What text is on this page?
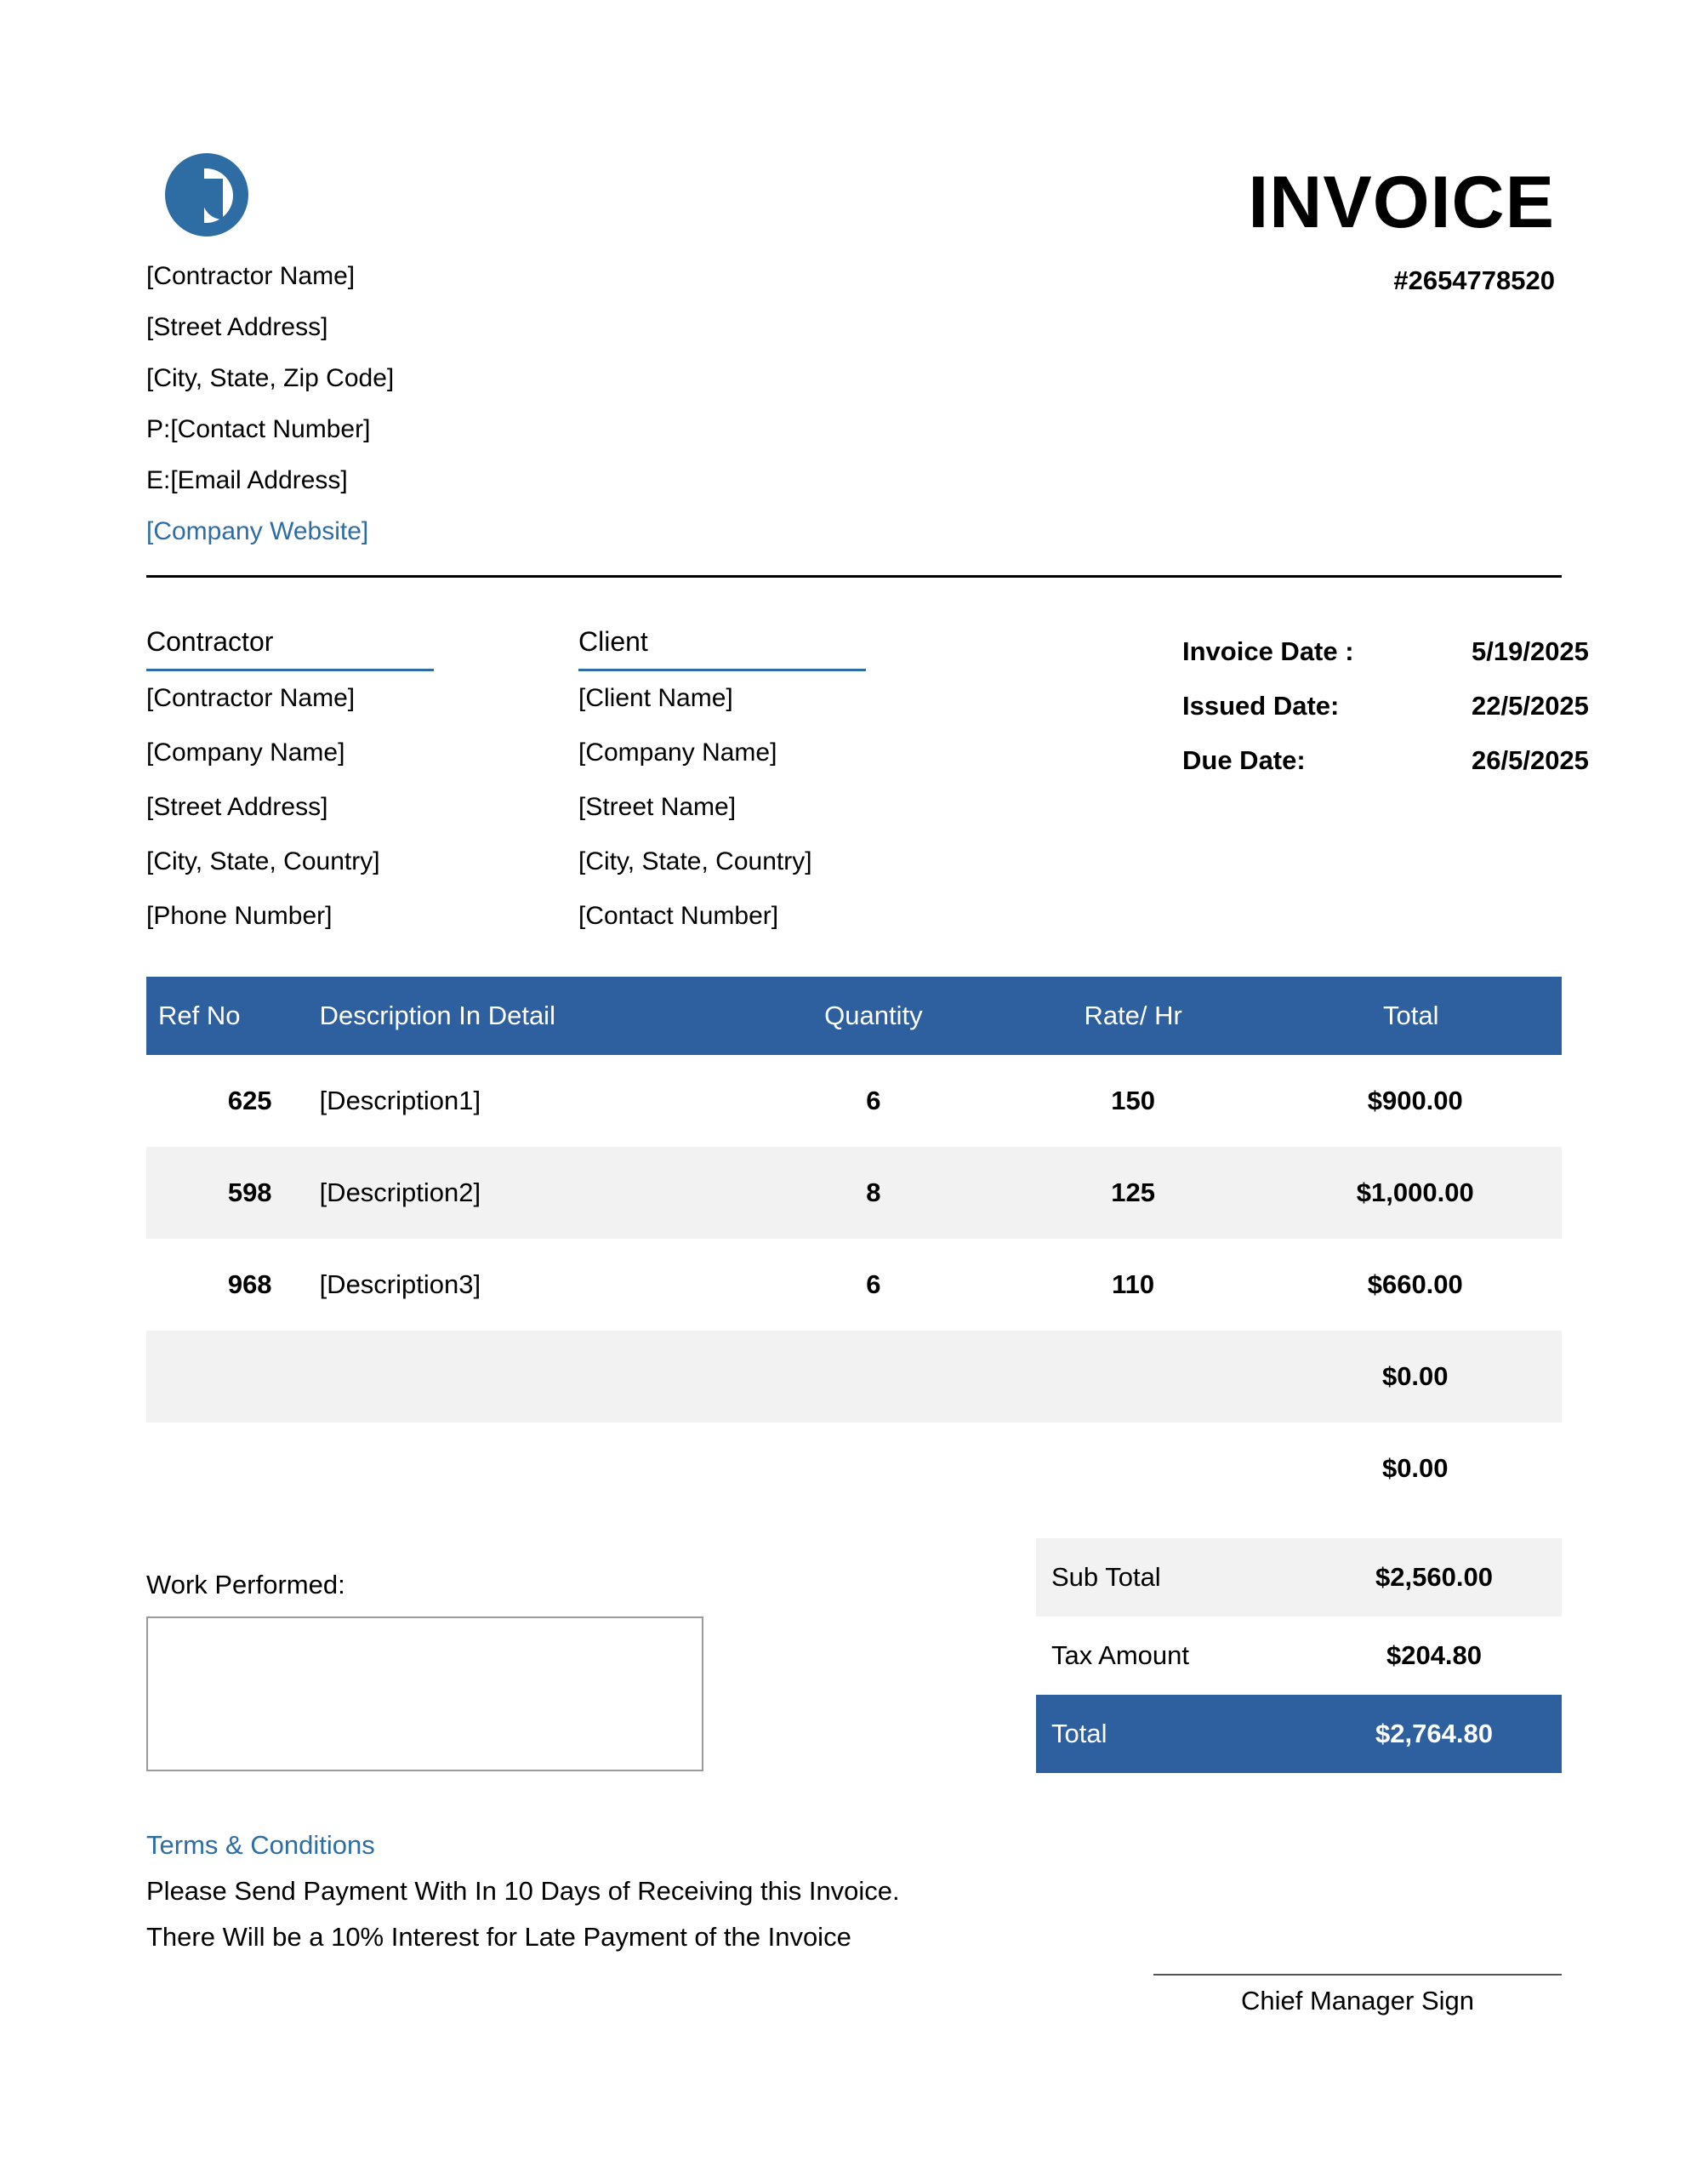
[Contractor Name]
[Street Address]
[City, State, Zip Code]
P:[Contact Number]
E:[Email Address]
[Company Website]
INVOICE
#2654778520
Contractor
[Contractor Name]
[Company Name]
[Street Address]
[City, State, Country]
[Phone Number]
Client
[Client Name]
[Company Name]
[Street Name]
[City, State, Country]
[Contact Number]
Invoice Date :	5/19/2025
Issued Date:	22/5/2025
Due Date:	26/5/2025
Ref No	Description In Detail	Quantity	Rate/ Hr	Total
625	[Description1]	6	150	$900.00
598	[Description2]	8	125	$1,000.00
968	[Description3]	6	110	$660.00
				$0.00
				$0.00
Sub Total	$2,560.00
Tax Amount	$204.80
Total	$2,764.80
Work Performed:
Terms & Conditions
Please Send Payment With In 10 Days of Receiving this Invoice.
There Will be a 10% Interest for Late Payment of the Invoice
Chief Manager Sign
